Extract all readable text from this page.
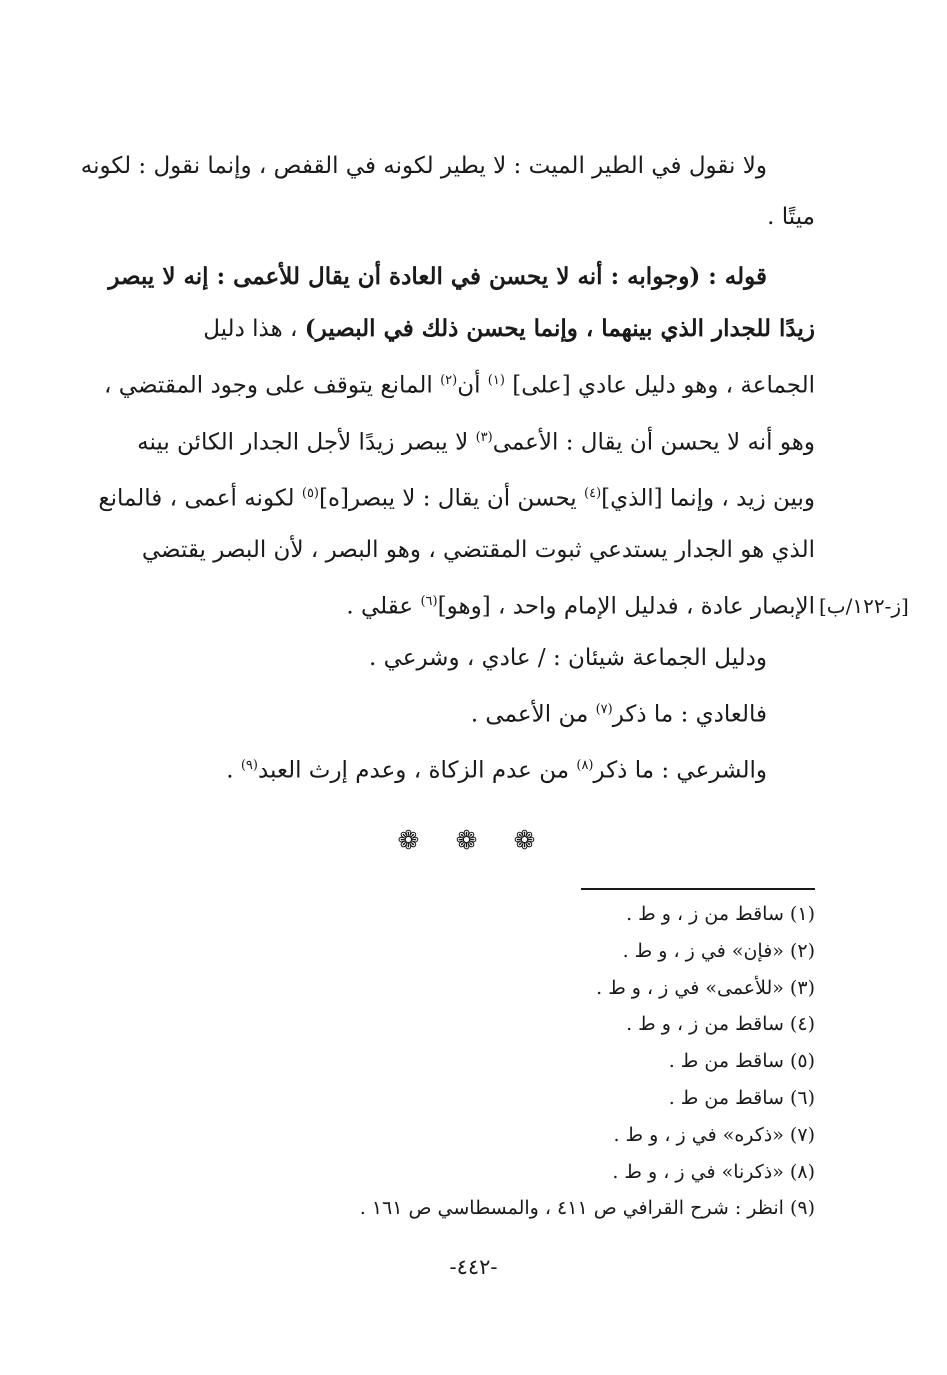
ولا نقول في الطير الميت : لا يطير لكونه في القفص ، وإنما نقول : لكونه

ميتًا .

قوله : (وجوابه : أنه لا يحسن في العادة أن يقال للأعمى : إنه لا يبصر

زيدًا للجدار الذي بينهما ، وإنما يحسن ذلك في البصير) ، هذا دليل

الجماعة ، وهو دليل عادي [على] $^{(١)}$ أن$^{(٢)}$ المانع يتوقف على وجود المقتضي ،

وهو أنه لا يحسن أن يقال : الأعمى$^{(٣)}$ لا يبصر زيدًا لأجل الجدار الكائن بينه

وبين زيد ، وإنما [الذي]$^{(٤)}$ يحسن أن يقال : لا يبصر[ه]$^{(٥)}$ لكونه أعمى ، فالمانع

الذي هو الجدار يستدعي ثبوت المقتضي ، وهو البصر ، لأن البصر يقتضي

الإبصار عادة ، فدليل الإمام واحد ، [وهو]$^{(٦)}$ عقلي .

ودليل الجماعة شيئان : / عادي ، وشرعي .

فالعادي : ما ذكر$^{(٧)}$ من الأعمى .

والشرعي : ما ذكر$^{(٨)}$ من عدم الزكاة ، وعدم إرث العبد$^{(٩)}$ .

[ز-١٢٢/ب]
❁ ❁ ❁

(١) ساقط من ز ، و ط .

(٢) «فإن» في ز ، و ط .

(٣) «للأعمى» في ز ، و ط .

(٤) ساقط من ز ، و ط .

(٥) ساقط من ط .

(٦) ساقط من ط .

(٧) «ذكره» في ز ، و ط .

(٨) «ذكرنا» في ز ، و ط .

(٩) انظر : شرح القرافي ص ٤١١ ، والمسطاسي ص ١٦١ .

-٤٤٢-
